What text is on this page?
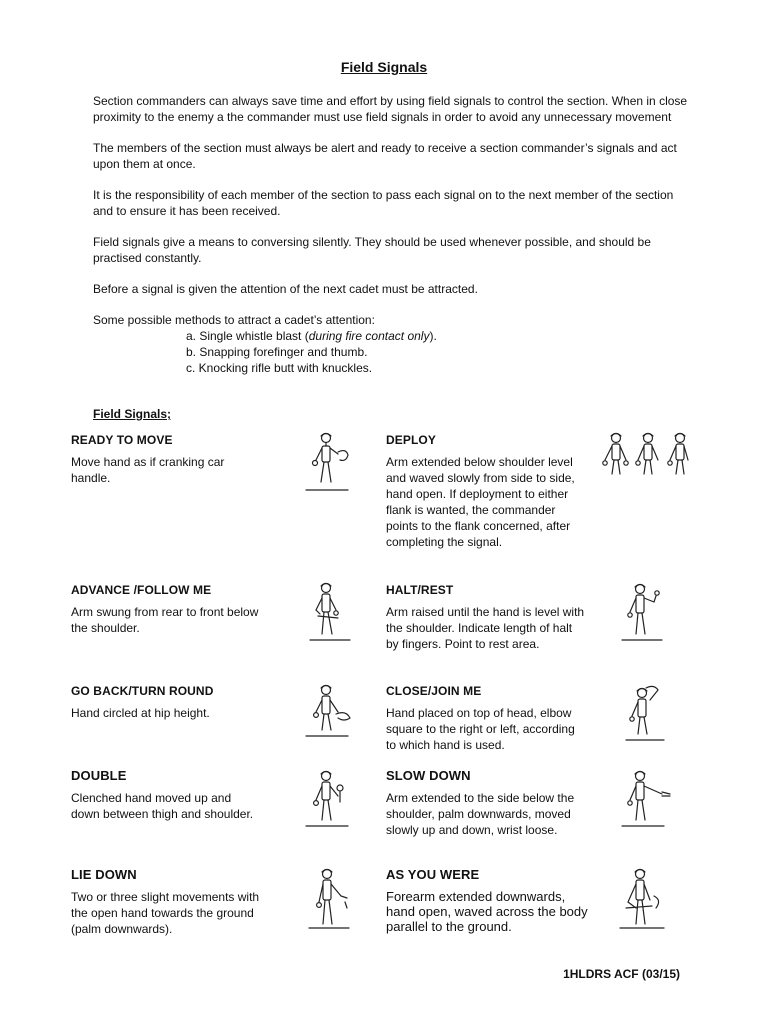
Field Signals

Section commanders can always save time and effort by using field signals to control the section. When in close proximity to the enemy a the commander must use field signals in order to avoid any unnecessary movement

The members of the section must always be alert and ready to receive a section commander’s signals and act upon them at once.

It is the responsibility of each member of the section to pass each signal on to the next member of the section and to ensure it has been received.

Field signals give a means to conversing silently. They should be used whenever possible, and should be practised constantly.

Before a signal is given the attention of the next cadet must be attracted.

Some possible methods to attract a cadet’s attention:

a. Single whistle blast (during fire contact only).
b. Snapping forefinger and thumb.
c. Knocking rifle butt with knuckles.
Field Signals;
READY TO MOVE
Move hand as if cranking car handle.
DEPLOY
Arm extended below shoulder level and waved slowly from side to side, hand open. If deployment to either flank is wanted, the commander points to the flank concerned, after completing the signal.
ADVANCE /FOLLOW ME
Arm swung from rear to front below the shoulder.
HALT/REST
Arm raised until the hand is level with the shoulder. Indicate length of halt by fingers. Point to rest area.
GO BACK/TURN ROUND
Hand circled at hip height.
CLOSE/JOIN ME
Hand placed on top of head, elbow square to the right or left, according to which hand is used.
DOUBLE
Clenched hand moved up and down between thigh and shoulder.
SLOW DOWN
Arm extended to the side below the shoulder, palm downwards, moved slowly up and down, wrist loose.
LIE DOWN
Two or three slight movements with the open hand towards the ground (palm downwards).
AS YOU WERE
Forearm extended downwards, hand open, waved across the body parallel to the ground.
1HLDRS ACF (03/15)
